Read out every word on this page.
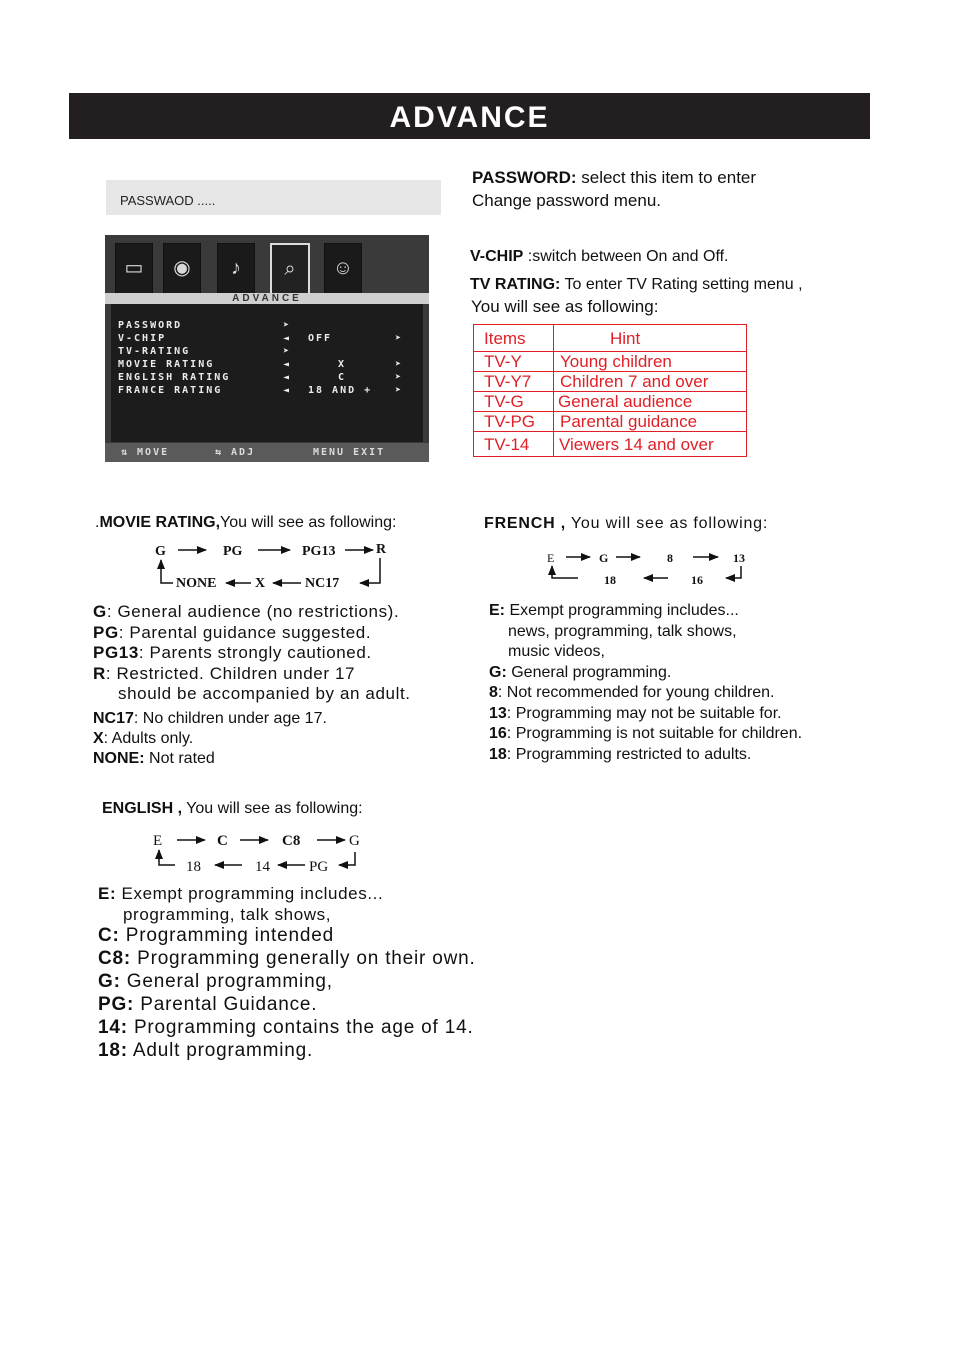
ADVANCE
PASSWAOD .....
▭	◉	♪	⌕	☺
ADVANCE
PASSWORD	➤
V-CHIP	◄ OFF	➤
TV-RATING	➤
MOVIE RATING	◄	X	➤
ENGLISH RATING	◄	C	➤
FRANCE RATING	◄ 18 AND + ➤
⇅ MOVE	⇆ ADJ	MENU EXIT
PASSWORD: select this item to enter
Change password menu.
V-CHIP :switch between On and Off.
TV RATING: To enter TV Rating setting menu ,
You will see as following:
Items	Hint
TV-Y	Young children
TV-Y7	Children 7 and over
TV-G	General audience
TV-PG	Parental guidance
TV-14	Viewers 14 and over
.MOVIE RATING,You will see as following:
G	PG	PG13	R
NC17
X
NONE
G: General audience (no restrictions).
PG: Parental guidance suggested.
PG13: Parents strongly cautioned.
R: Restricted. Children under 17
should be accompanied by an adult.
NC17: No children under age 17.
X: Adults only.
NONE: Not rated
FRENCH , You will see as following:
E	G	8	13
16
18
E: Exempt programming includes...
news, programming, talk shows,
music videos,
G: General programming.
8: Not recommended for young children.
13: Programming may not be suitable for.
16: Programming is not suitable for children.
18: Programming restricted to adults.
ENGLISH , You will see as following:
E	C	C8	G
PG
14
18
E: Exempt programming includes...
programming, talk shows,
C: Programming intended
C8: Programming generally on their own.
G: General programming,
PG: Parental Guidance.
14: Programming contains the age of 14.
18: Adult programming.
